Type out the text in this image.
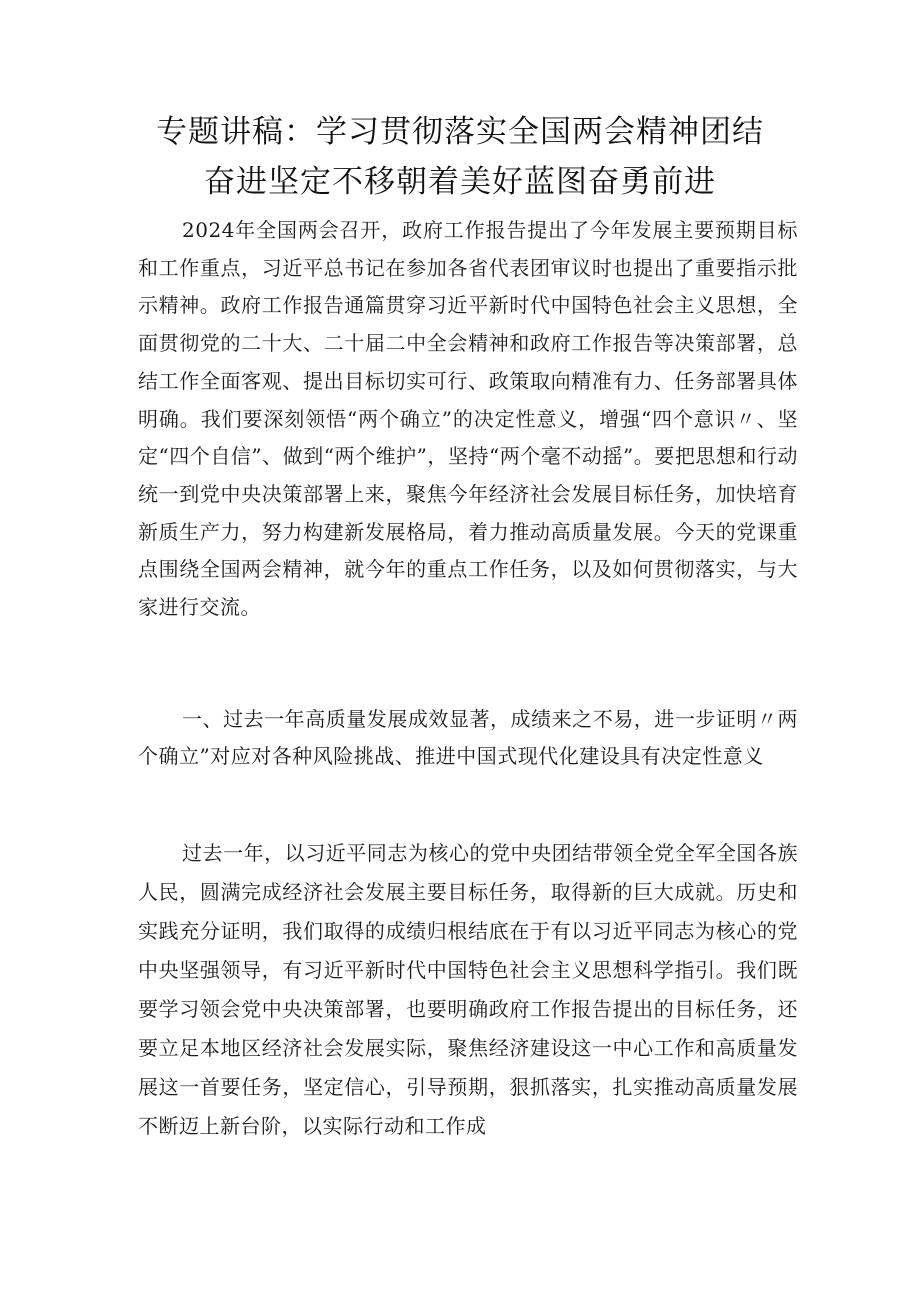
专题讲稿：学习贯彻落实全国两会精神团结
奋进坚定不移朝着美好蓝图奋勇前进

2024年全国两会召开，政府工作报告提出了今年发展主要预期目标和工作重点，习近平总书记在参加各省代表团审议时也提出了重要指示批示精神。政府工作报告通篇贯穿习近平新时代中国特色社会主义思想，全面贯彻党的二十大、二十届二中全会精神和政府工作报告等决策部署，总结工作全面客观、提出目标切实可行、政策取向精准有力、任务部署具体明确。我们要深刻领悟“两个确立”的决定性意义，增强“四个意识〃、坚定“四个自信”、做到“两个维护”，坚持“两个毫不动摇”。要把思想和行动统一到党中央决策部署上来，聚焦今年经济社会发展目标任务，加快培育新质生产力，努力构建新发展格局，着力推动高质量发展。今天的党课重点围绕全国两会精神，就今年的重点工作任务，以及如何贯彻落实，与大家进行交流。

一、过去一年高质量发展成效显著，成绩来之不易，进一步证明〃两个确立”对应对各种风险挑战、推进中国式现代化建设具有决定性意义

过去一年，以习近平同志为核心的党中央团结带领全党全军全国各族人民，圆满完成经济社会发展主要目标任务，取得新的巨大成就。历史和实践充分证明，我们取得的成绩归根结底在于有以习近平同志为核心的党中央坚强领导，有习近平新时代中国特色社会主义思想科学指引。我们既要学习领会党中央决策部署，也要明确政府工作报告提出的目标任务，还要立足本地区经济社会发展实际，聚焦经济建设这一中心工作和高质量发展这一首要任务，坚定信心，引导预期，狠抓落实，扎实推动高质量发展不断迈上新台阶，以实际行动和工作成
